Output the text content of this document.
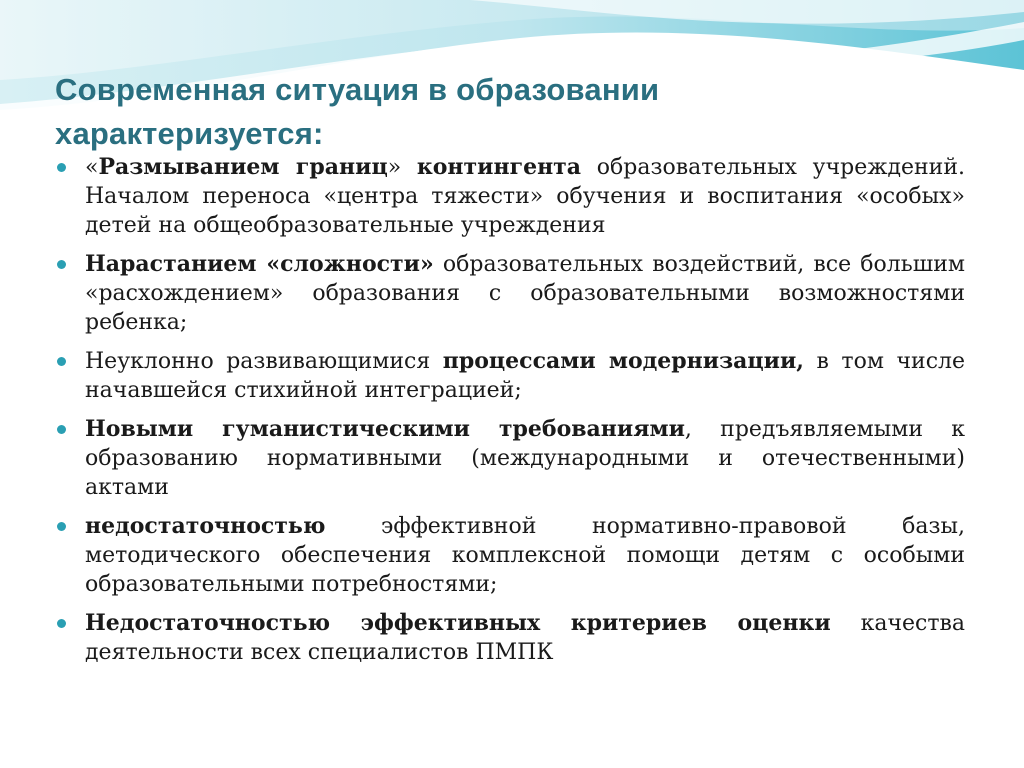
Современная ситуация в образовании
характеризуется:
«Размыванием границ» контингента образовательных учреждений. Началом переноса «центра тяжести» обучения и воспитания «особых» детей на общеобразовательные учреждения
Нарастанием «сложности» образовательных воздействий, все большим «расхождением» образования с образовательными возможностями ребенка;
Неуклонно развивающимися процессами модернизации, в том числе начавшейся стихийной интеграцией;
Новыми гуманистическими требованиями, предъявляемыми к образованию нормативными (международными и отечественными) актами
недостаточностью эффективной нормативно-правовой базы, методического обеспечения комплексной помощи детям с особыми образовательными потребностями;
Недостаточностью эффективных критериев оценки качества деятельности всех специалистов ПМПК
